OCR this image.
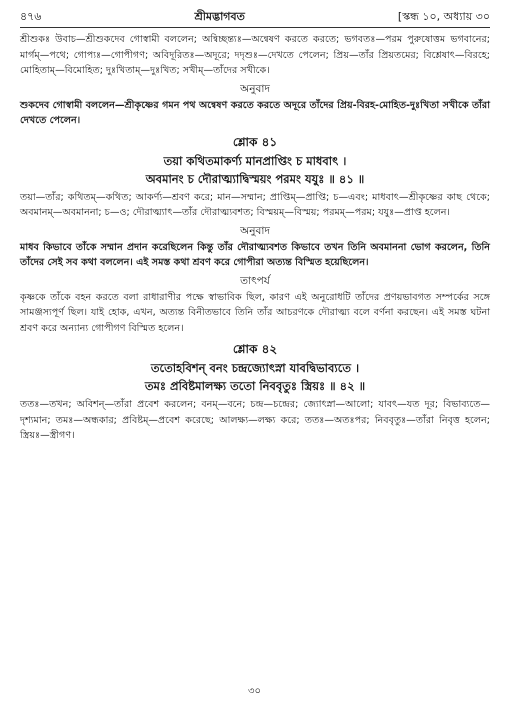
৪৭৬	শ্রীমদ্ভাগবত	[স্কন্ধ ১০, অধ্যায় ৩০

শ্রীশুকঃ উবাচ—শ্রীশুকদেব গোস্বামী বললেন; অন্বিচ্ছন্ত্যঃ—অন্বেষণ করতে করতে; ভগবতঃ—পরম পুরুষোত্তম ভগবানের; মার্গম্—পথে; গোপ্যঃ—গোপীগণ; অবিদূরিতঃ—অদূরে; দদৃশুঃ—দেখতে পেলেন; প্রিয়—তাঁর প্রিয়তমের; বিশ্লেষাৎ—বিরহে; মোহিতাম্—বিমোহিত; দুঃখিতাম্—দুঃখিত; সখীম্—তাঁদের সখীকে।

অনুবাদ

শুকদেব গোস্বামী বললেন—শ্রীকৃষ্ণের গমন পথ অন্বেষণ করতে করতে অদূরে তাঁদের প্রিয়-বিরহ-মোহিত-দুঃখিতা সখীকে তাঁরা দেখতে পেলেন।

শ্লোক ৪১

তয়া কথিতমাকর্ণ্য মানপ্রাপ্তিং চ মাধবাৎ ।

অবমানং চ দৌরাত্ম্যাদ্বিস্ময়ং পরমং যযুঃ ॥ ৪১ ॥

তয়া—তাঁর; কথিতম্—কথিত; আকর্ণ্য—শ্রবণ করে; মান—সম্মান; প্রাপ্তিম্—প্রাপ্তি; চ—এবং; মাধবাৎ—শ্রীকৃষ্ণের কাছ থেকে; অবমানম্—অবমাননা; চ—ও; দৌরাত্ম্যাৎ—তাঁর দৌরাত্ম্যবশত; বিস্ময়ম্—বিস্ময়; পরমম্—পরম; যযুঃ—প্রাপ্ত হলেন।

অনুবাদ

মাধব কিভাবে তাঁকে সম্মান প্রদান করেছিলেন কিন্তু তাঁর দৌরাত্ম্যবশত কিভাবে তখন তিনি অবমাননা ভোগ করলেন, তিনি তাঁদের সেই সব কথা বললেন। এই সমস্ত কথা শ্রবণ করে গোপীরা অত্যন্ত বিস্মিত হয়েছিলেন।

তাৎপর্য

কৃষ্ণকে তাঁকে বহন করতে বলা রাধারাণীর পক্ষে স্বাভাবিক ছিল, কারণ এই অনুরোধটি তাঁদের প্রণয়ভাবগত সম্পর্কের সঙ্গে সামঞ্জস্যপূর্ণ ছিল। যাই হোক, এখন, অত্যন্ত বিনীতভাবে তিনি তাঁর আচরণকে দৌরাত্ম্য বলে বর্ণনা করছেন। এই সমস্ত ঘটনা শ্রবণ করে অন্যান্য গোপীগণ বিস্মিত হলেন।

শ্লোক ৪২

ততোহবিশন্ বনং চন্দ্রজ্যোৎস্না যাবদ্বিভাব্যতে ।

তমঃ প্রবিষ্টমালক্ষ্য ততো নিববৃতুঃ স্ত্রিয়ঃ ॥ ৪২ ॥

ততঃ—তখন; অবিশন্—তাঁরা প্রবেশ করলেন; বনম্—বনে; চন্দ্র—চন্দ্রের; জ্যোৎস্না—আলো; যাবৎ—যত দূর; বিভাব্যতে—দৃশ্যমান; তমঃ—অন্ধকার; প্রবিষ্টম্—প্রবেশ করেছে; আলক্ষ্য—লক্ষ্য করে; ততঃ—অতঃপর; নিববৃতুঃ—তাঁরা নিবৃত্ত হলেন; স্ত্রিয়ঃ—স্ত্রীগণ।

৩০
